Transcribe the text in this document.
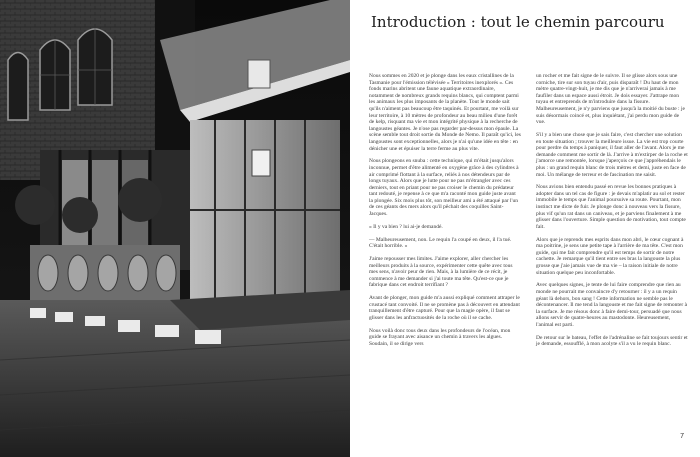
Introduction : tout le chemin parcouru

Nous sommes en 2020 et je plonge dans les eaux cristallines de la Tasmanie pour l'émission télévisée « Territoires inexplorés ». Ces fonds marins abritent une faune aquatique extraordinaire, notamment de nombreux grands requins blancs, qui comptent parmi les animaux les plus imposants de la planète. Tout le monde sait qu'ils n'aiment pas beaucoup être taquinés. Et pourtant, me voilà sur leur territoire, à 10 mètres de profondeur au beau milieu d'une forêt de kelp, risquant ma vie et mon intégrité physique à la recherche de langoustes géantes. Je n'ose pas regarder par-dessus mon épaule. La scène semble tout droit sortie du Monde de Nemo. Il paraît qu'ici, les langoustes sont exceptionnelles, alors je n'ai qu'une idée en tête : en dénicher une et épuiser la terre ferme au plus vite.

Nous plongeons en snuba : cette technique, qui m'était jusqu'alors inconnue, permet d'être alimenté en oxygène grâce à des cylindres à air comprimé flottant à la surface, reliés à nos détendeurs par de longs tuyaux. Alors que je lutte pour ne pas m'étrangler avec ces derniers, tout en priant pour ne pas croiser le chemin du prédateur tant redouté, je repense à ce que m'a raconté mon guide juste avant la plongée. Six mois plus tôt, son meilleur ami a été attaqué par l'un de ces géants des mers alors qu'il pêchait des coquilles Saint-Jacques.

« Il y va bien ? lui ai-je demandé.

— Malheureusement, non. Le requin l'a coupé en deux, il l'a tué. C'était horrible. »

J'aime repousser mes limites. J'aime explorer, aller chercher les meilleurs produits à la source, expérimenter cette quête avec tous mes sens, n'avoir peur de rien. Mais, à la lumière de ce récit, je commence à me demander si j'ai toute ma tête. Qu'est-ce que je fabrique dans cet endroit terrifiant ?

Avant de plonger, mon guide m'a aussi expliqué comment attraper le crustacé tant convoité. Il ne se promène pas à découvert en attendant tranquillement d'être capturé. Pour que la magie opère, il faut se glisser dans les anfractuosités de la roche où il se cache.

Nous voilà donc tous deux dans les profondeurs de l'océan, mon guide se frayant avec aisance un chemin à travers les algues. Soudain, il se dirige vers

un rocher et me fait signe de le suivre. Il se glisse alors sous une corniche, tire sur son tuyau d'air, puis disparaît ! Du haut de mon mètre quatre-vingt-huit, je me dis que je n'arriverai jamais à me faufiler dans un espace aussi étroit. Je dois essayer. J'attrape mon tuyau et entreprends de m'introduire dans la fissure. Malheureusement, je n'y parviens que jusqu'à la moitié du buste : je suis désormais coincé et, plus inquiétant, j'ai perdu mon guide de vue.

S'il y a bien une chose que je sais faire, c'est chercher une solution en toute situation ; trouver la meilleure issue. La vie est trop courte pour perdre du temps à paniquer, il faut aller de l'avant. Alors je me demande comment me sortir de là. J'arrive à m'extirper de la roche et j'amorce une remontée, lorsque j'aperçois ce que j'appréhendais le plus : un grand requin blanc de trois mètres et demi, juste en face de moi. Un mélange de terreur et de fascination me saisit.

Nous avions bien entendu passé en revue les bonnes pratiques à adopter dans un tel cas de figure : je devais m'aplatir au sol et rester immobile le temps que l'animal poursuive sa route. Pourtant, mon instinct me dicte de fuir. Je plonge donc à nouveau vers la fissure, plus vif qu'un rat dans un caniveau, et je parviens finalement à me glisser dans l'ouverture. Simple question de motivation, tout compte fait.

Alors que je reprends mes esprits dans mon abri, le cœur cognant à ma poitrine, je sens une petite tape à l'arrière de ma tête. C'est mon guide, qui me fait comprendre qu'il est temps de sortir de notre cachette. Je remarque qu'il tient entre ses bras la langouste la plus grosse que j'aie jamais vue de ma vie – la raison initiale de notre situation quelque peu inconfortable.

Avec quelques signes, je tente de lui faire comprendre que rien au monde ne pourrait me convaincre d'y retourner : il y a un requin géant là dehors, bon sang ! Cette information ne semble pas le décontenancer. Il me tend la langouste et me fait signe de remonter à la surface. Je me résous donc à faire demi-tour, persuadé que nous allons servir de quatre-heures au mastodonte. Heureusement, l'animal est parti.

De retour sur le bateau, l'effet de l'adrénaline se fait toujours sentir et je demande, essoufflé, à mon acolyte s'il a vu le requin blanc.

7
